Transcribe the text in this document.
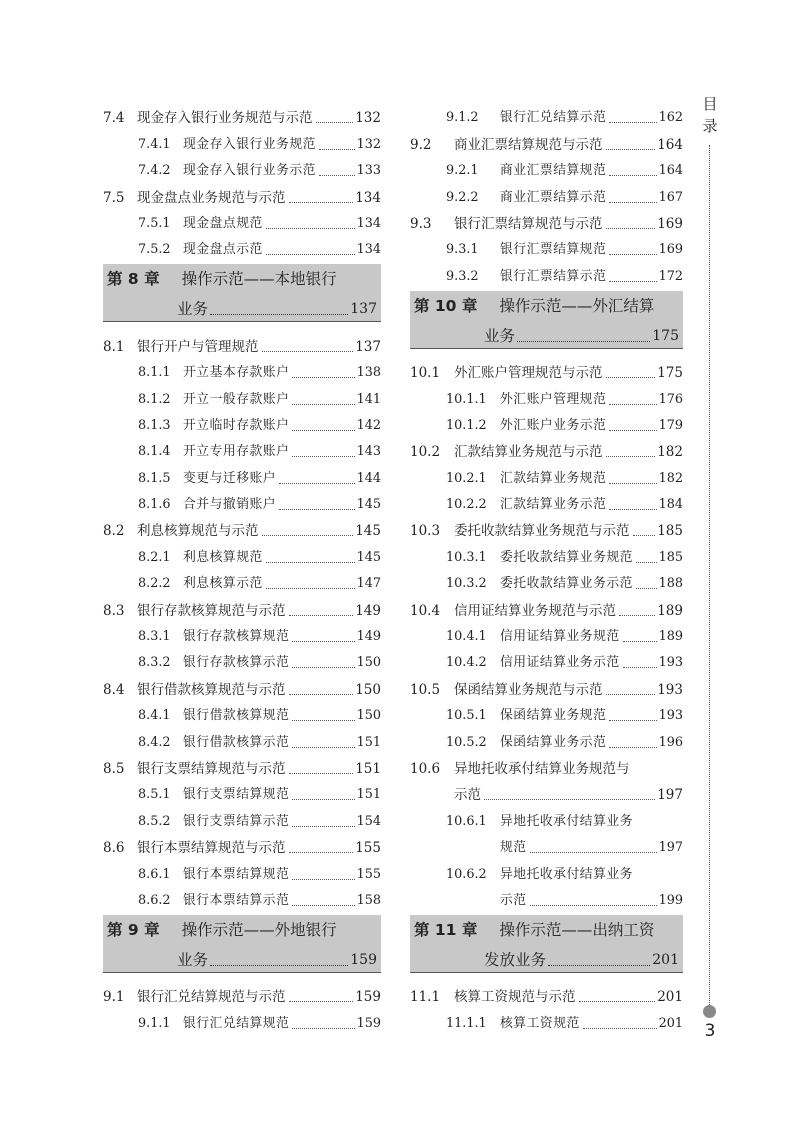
7.4 现金存入银行业务规范与示范	132
7.4.1 现金存入银行业务规范	132
7.4.2 现金存入银行业务示范	133
7.5 现金盘点业务规范与示范	134
7.5.1 现金盘点规范	134
7.5.2 现金盘点示范	134
第 8 章 操作示范——本地银行
业务	137
8.1 银行开户与管理规范	137
8.1.1 开立基本存款账户	138
8.1.2 开立一般存款账户	141
8.1.3 开立临时存款账户	142
8.1.4 开立专用存款账户	143
8.1.5 变更与迁移账户	144
8.1.6 合并与撤销账户	145
8.2 利息核算规范与示范	145
8.2.1 利息核算规范	145
8.2.2 利息核算示范	147
8.3 银行存款核算规范与示范	149
8.3.1 银行存款核算规范	149
8.3.2 银行存款核算示范	150
8.4 银行借款核算规范与示范	150
8.4.1 银行借款核算规范	150
8.4.2 银行借款核算示范	151
8.5 银行支票结算规范与示范	151
8.5.1 银行支票结算规范	151
8.5.2 银行支票结算示范	154
8.6 银行本票结算规范与示范	155
8.6.1 银行本票结算规范	155
8.6.2 银行本票结算示范	158
第 9 章 操作示范——外地银行
业务	159
9.1 银行汇兑结算规范与示范	159
9.1.1 银行汇兑结算规范	159
9.1.2	银行汇兑结算示范	162
9.2	商业汇票结算规范与示范	164
9.2.1	商业汇票结算规范	164
9.2.2	商业汇票结算示范	167
9.3	银行汇票结算规范与示范	169
9.3.1	银行汇票结算规范	169
9.3.2	银行汇票结算示范	172
第 10 章 操作示范——外汇结算
业务	175
10.1	外汇账户管理规范与示范	175
10.1.1	外汇账户管理规范	176
10.1.2	外汇账户业务示范	179
10.2	汇款结算业务规范与示范	182
10.2.1	汇款结算业务规范	182
10.2.2	汇款结算业务示范	184
10.3	委托收款结算业务规范与示范 185
10.3.1	委托收款结算业务规范 185
10.3.2	委托收款结算业务示范 188
10.4	信用证结算业务规范与示范	189
10.4.1	信用证结算业务规范	189
10.4.2	信用证结算业务示范	193
10.5	保函结算业务规范与示范	193
10.5.1	保函结算业务规范	193
10.5.2	保函结算业务示范	196
10.6	异地托收承付结算业务规范与
示范	197
10.6.1	异地托收承付结算业务
规范	197
10.6.2	异地托收承付结算业务
示范	199
第 11 章 操作示范——出纳工资
发放业务	201
11.1	核算工资规范与示范	201
11.1.1	核算工资规范	201
目录
3
